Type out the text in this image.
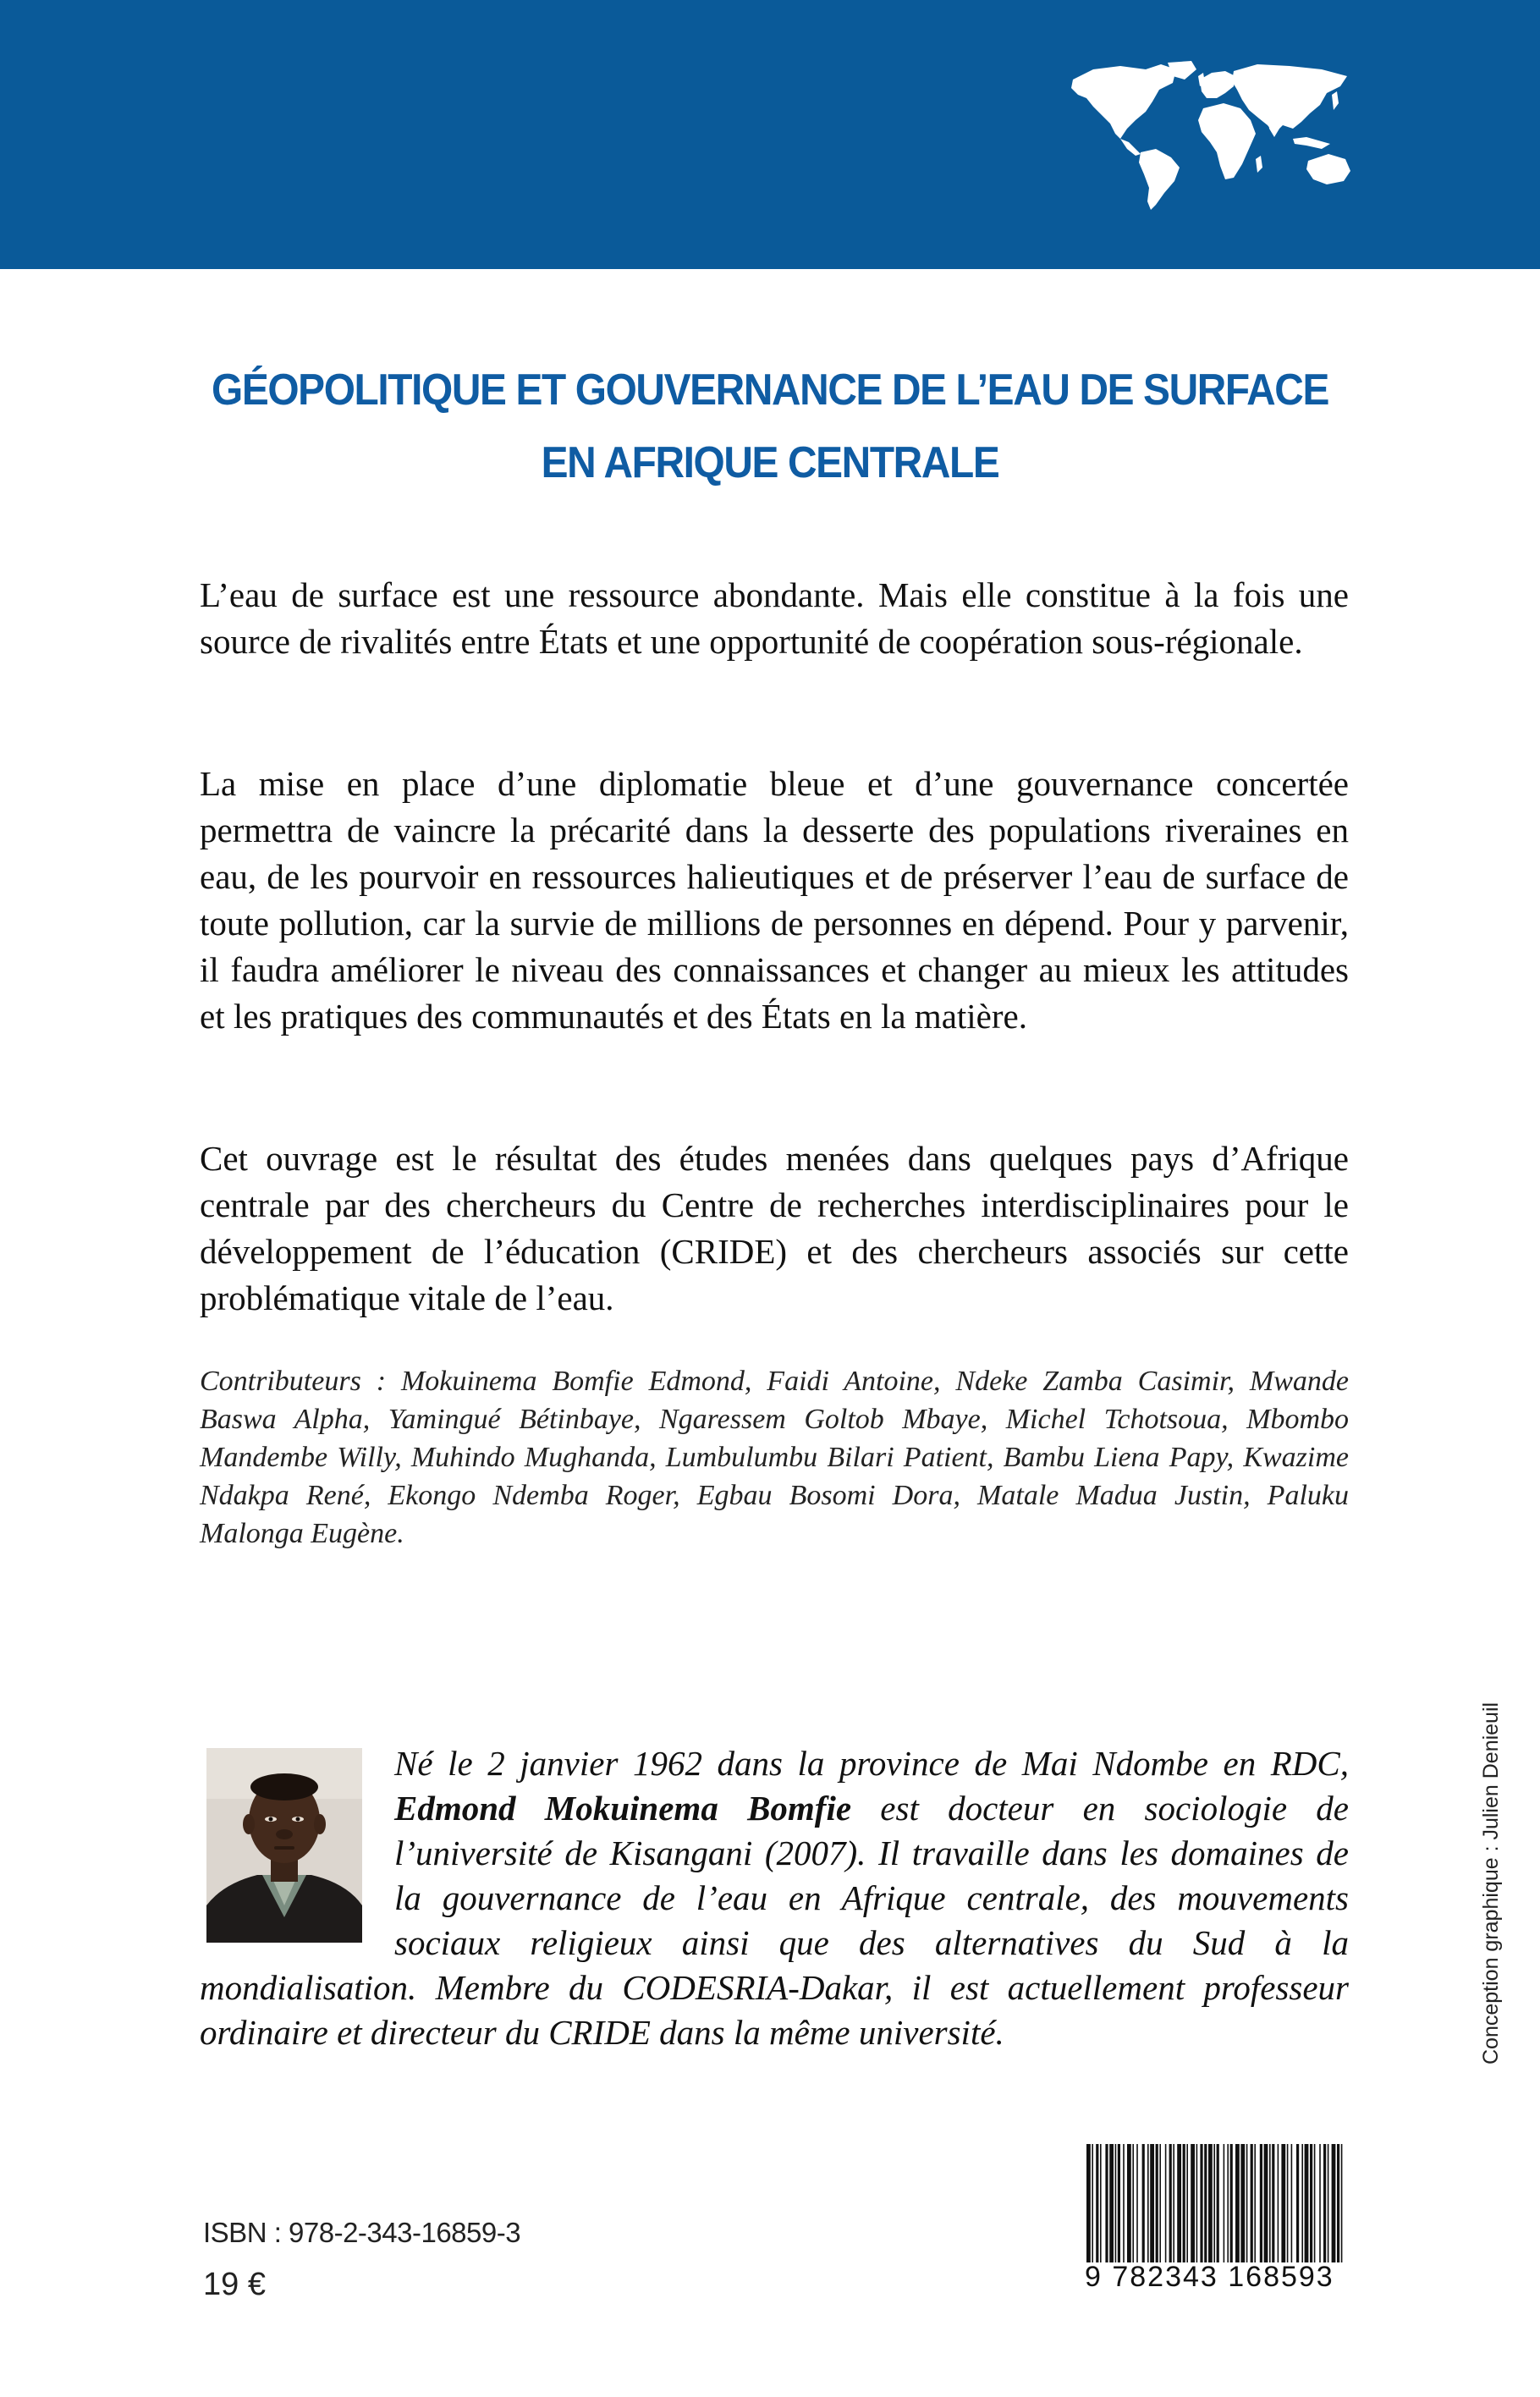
GÉOPOLITIQUE ET GOUVERNANCE DE L’EAU DE SURFACE
EN AFRIQUE CENTRALE
L’eau de surface est une ressource abondante. Mais elle constitue à la fois une source de rivalités entre États et une opportunité de coopération sous-régionale.
La mise en place d’une diplomatie bleue et d’une gouvernance concertée permettra de vaincre la précarité dans la desserte des populations riveraines en eau, de les pourvoir en ressources halieutiques et de préserver l’eau de surface de toute pollution, car la survie de millions de personnes en dépend. Pour y parvenir, il faudra améliorer le niveau des connaissances et changer au mieux les attitudes et les pratiques des communautés et des États en la matière.
Cet ouvrage est le résultat des études menées dans quelques pays d’Afrique centrale par des chercheurs du Centre de recherches interdisciplinaires pour le développement de l’éducation (CRIDE) et des chercheurs associés sur cette problématique vitale de l’eau.
Contributeurs : Mokuinema Bomfie Edmond, Faidi Antoine, Ndeke Zamba Casimir, Mwande Baswa Alpha, Yamingué Bétinbaye, Ngaressem Goltob Mbaye, Michel Tchotsoua, Mbombo Mandembe Willy, Muhindo Mughanda, Lumbulumbu Bilari Patient, Bambu Liena Papy, Kwazime Ndakpa René, Ekongo Ndemba Roger, Egbau Bosomi Dora, Matale Madua Justin, Paluku Malonga Eugène.
Né le 2 janvier 1962 dans la province de Mai Ndombe en RDC, Edmond Mokuinema Bomfie est docteur en sociologie de l’université de Kisangani (2007). Il travaille dans les domaines de la gouvernance de l’eau en Afrique centrale, des mouvements sociaux religieux ainsi que des alternatives du Sud à la mondialisation. Membre du CODESRIA-Dakar, il est actuellement professeur ordinaire et directeur du CRIDE dans la même université.	Conception graphique : Julien Denieuil
ISBN : 978-2-343-16859-3
19 €	9 782343 168593
